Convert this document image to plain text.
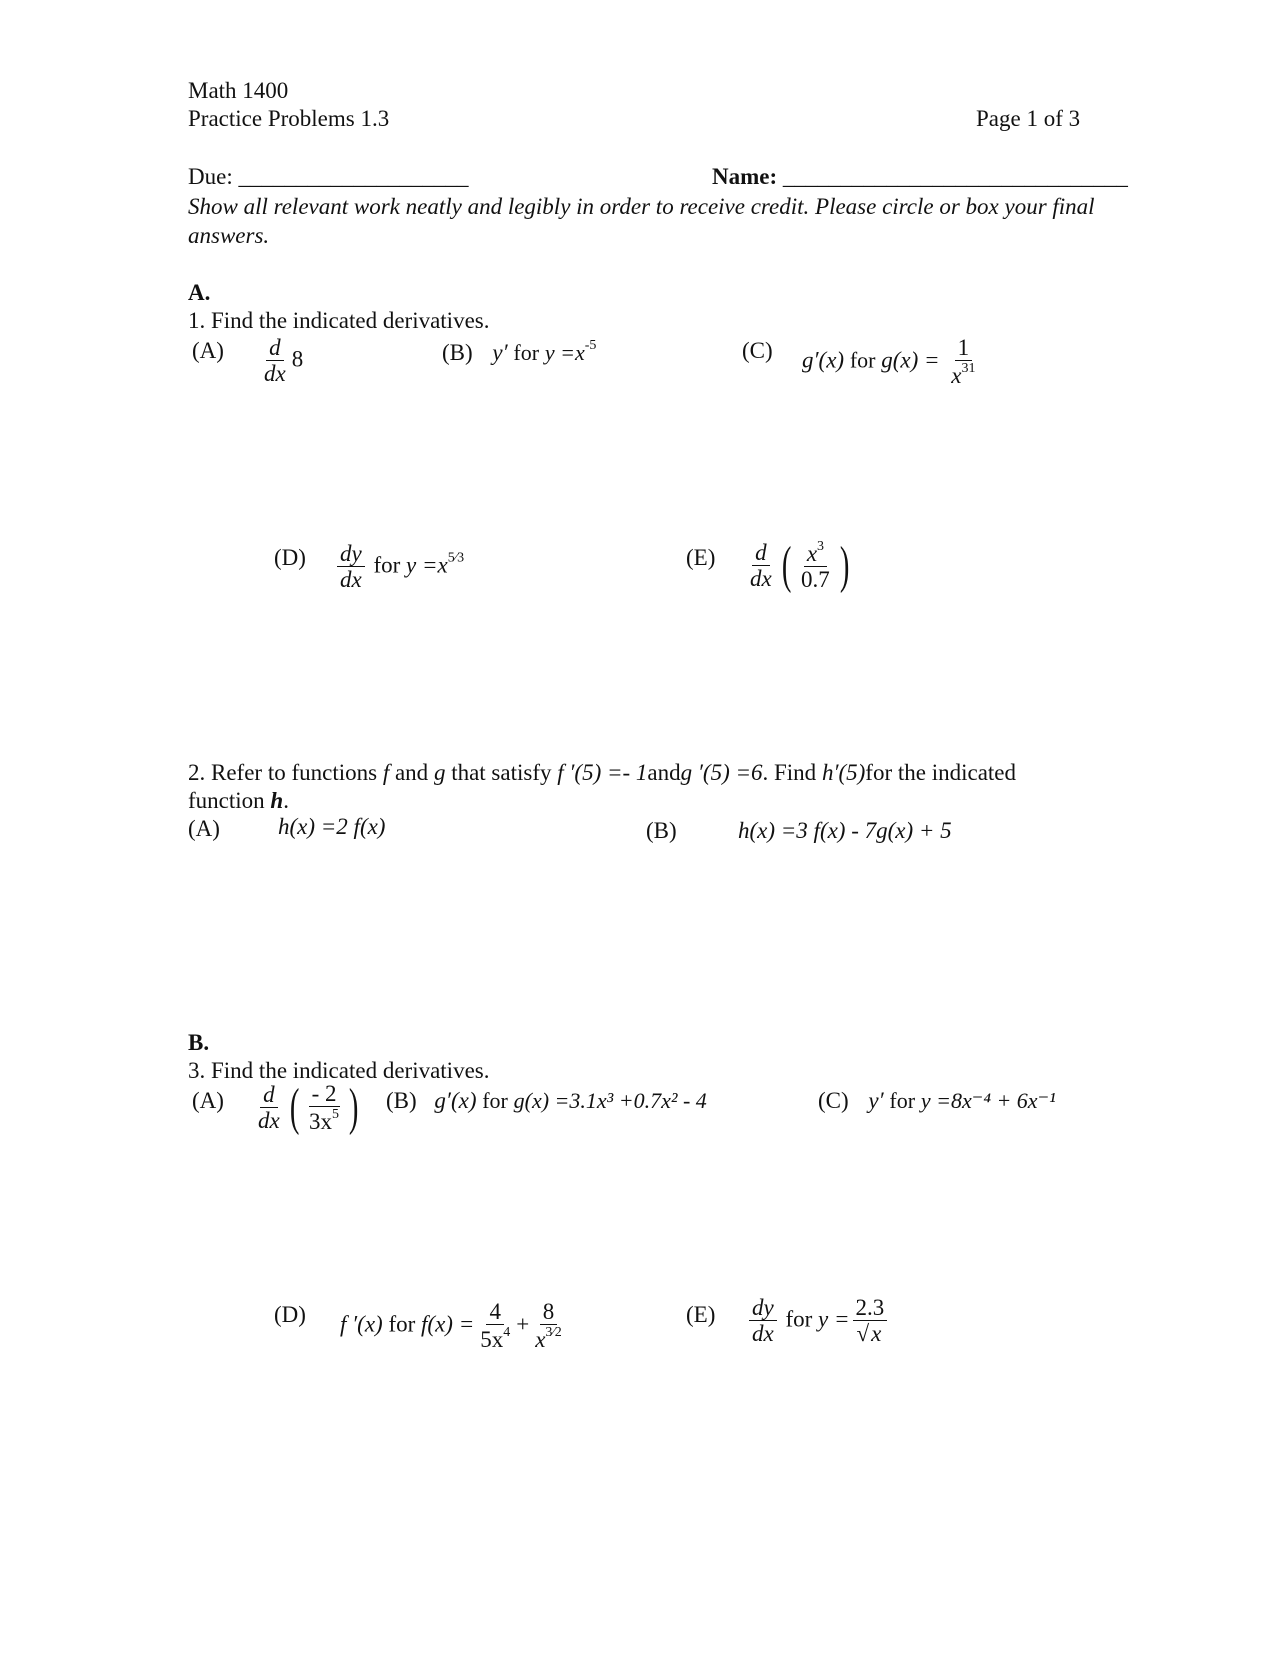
Math 1400
Practice Problems 1.3	Page 1 of 3
Due: ____________________	Name: ______________________________
Show all relevant work neatly and legibly in order to receive credit. Please circle or box your final answers.
A.
1. Find the indicated derivatives.
$(A) \frac{d}{dx} 8$	(B) y′ for $y =x^{-5}$	(C) g′(x) for $g(x) = \frac{1}{x^{31}}$
$(D) \frac{dy}{dx}$ for $y =x^{5⁄3}$	$(E) \frac{d}{dx}$ ( $\frac{x^3}{0.7}$ )
2. Refer to functions f and g that satisfy f ′(5) =- 1andg ′(5) =6. Find h′(5)for the indicated
function h.
(A)	h(x) =2 f(x)	(B)	h(x) =3 f(x) - 7g(x) + 5
B.
3. Find the indicated derivatives.
$(A) \frac{d}{dx}$ ( $\frac{- 2}{3x^5}$ ) (B) g′(x) for g(x) =3.1x³ +0.7x² - 4	(C) y′ for y =8x⁻⁴ + 6x⁻¹
(D) f ′(x) for $f(x) = \frac{4}{5x^4} + \frac{8}{x^{3⁄2}}$	$(E) \frac{dy}{dx}$ for $y = \frac{2.3}{√x}$
